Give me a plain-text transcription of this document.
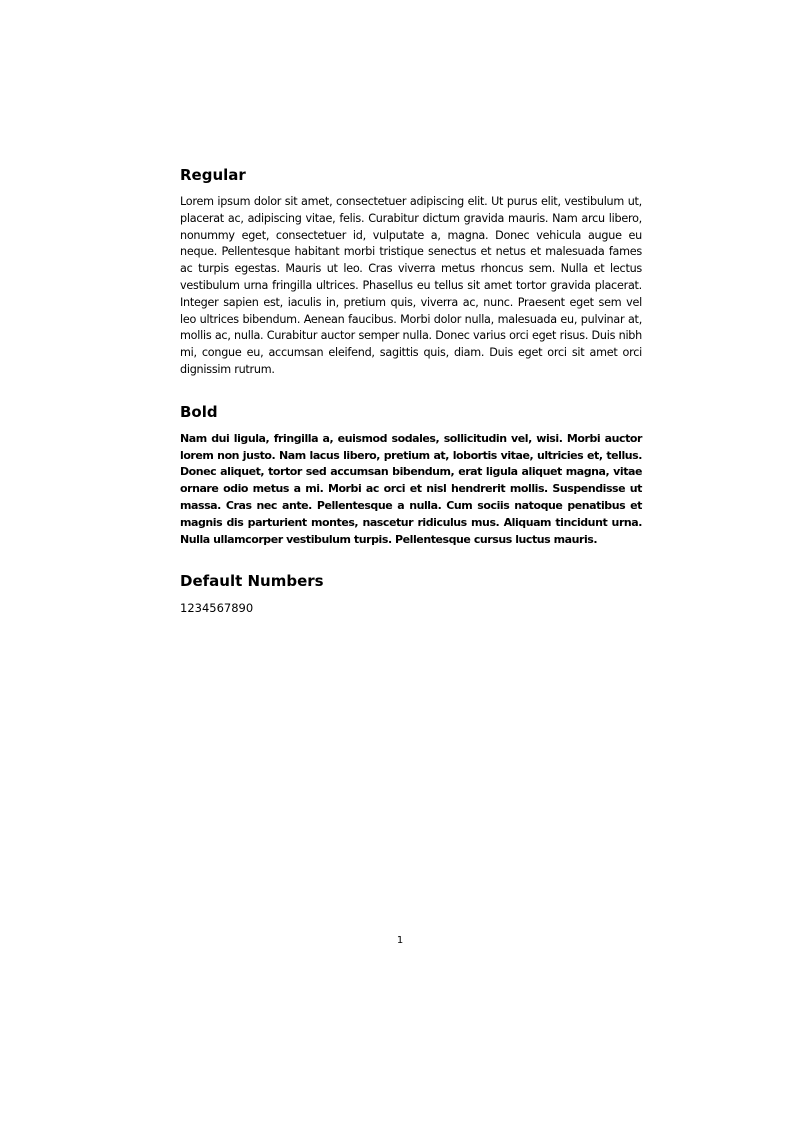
Regular

Lorem ipsum dolor sit amet, consectetuer adipiscing elit. Ut purus elit, vestibulum ut, placerat ac, adipiscing vitae, felis. Curabitur dictum gravida mauris. Nam arcu libero, nonummy eget, consectetuer id, vulputate a, magna. Donec vehicula augue eu neque. Pellentesque habitant morbi tristique senectus et netus et malesuada fames ac turpis egestas. Mauris ut leo. Cras viverra metus rhoncus sem. Nulla et lectus vestibulum urna fringilla ultrices. Phasellus eu tellus sit amet tortor gravida placerat. Integer sapien est, iaculis in, pretium quis, viverra ac, nunc. Praesent eget sem vel leo ultrices bibendum. Aenean faucibus. Morbi dolor nulla, malesuada eu, pulvinar at, mollis ac, nulla. Curabitur auctor semper nulla. Donec varius orci eget risus. Duis nibh mi, congue eu, accumsan eleifend, sagittis quis, diam. Duis eget orci sit amet orci dignissim rutrum.

Bold

Nam dui ligula, fringilla a, euismod sodales, sollicitudin vel, wisi. Morbi auctor lorem non justo. Nam lacus libero, pretium at, lobortis vitae, ultricies et, tellus. Donec aliquet, tortor sed accumsan bibendum, erat ligula aliquet magna, vitae ornare odio metus a mi. Morbi ac orci et nisl hendrerit mollis. Suspendisse ut massa. Cras nec ante. Pellentesque a nulla. Cum sociis natoque penatibus et magnis dis parturient montes, nascetur ridiculus mus. Aliquam tincidunt urna. Nulla ullamcorper vestibulum turpis. Pellentesque cursus luctus mauris.

Default Numbers

1234567890

1
